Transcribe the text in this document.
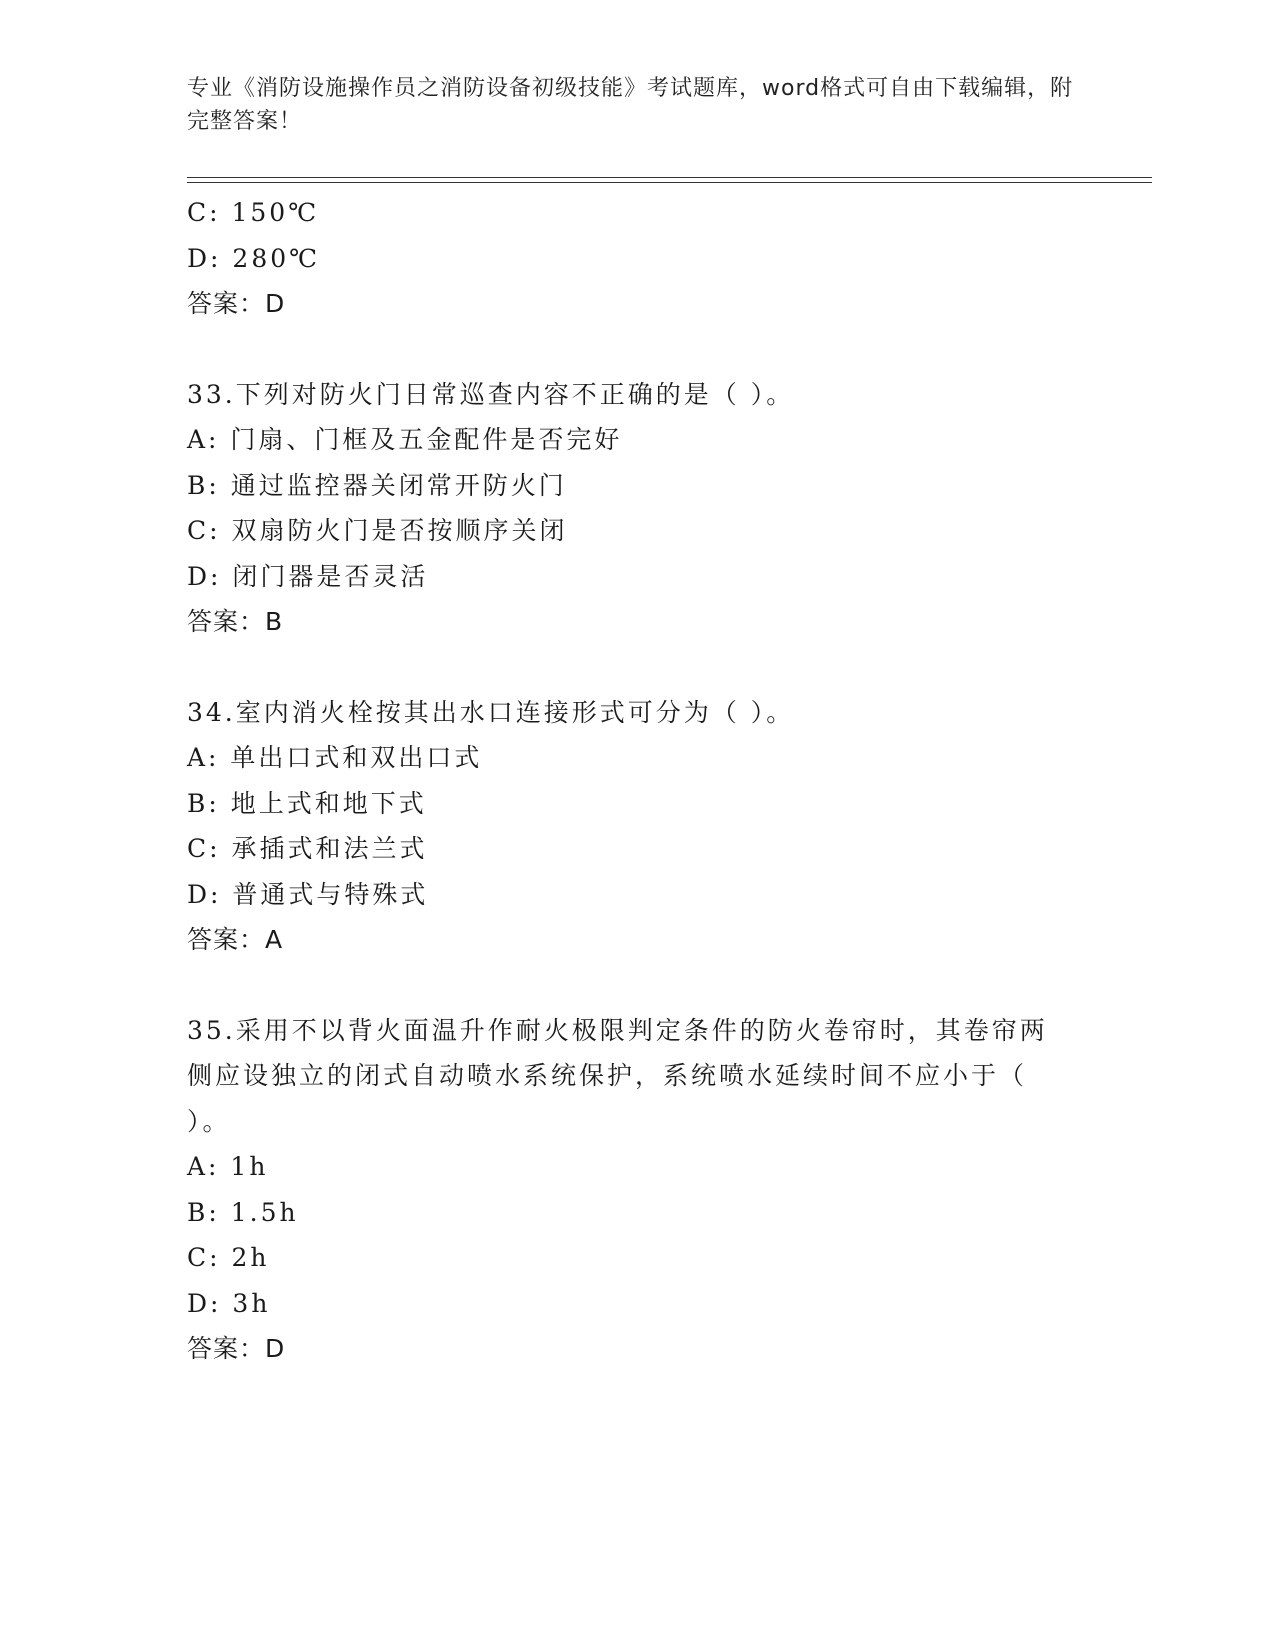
专业《消防设施操作员之消防设备初级技能》考试题库，word格式可自由下载编辑，附完整答案！
C: 150℃
D: 280℃
答案：D
33.下列对防火门日常巡查内容不正确的是（ ）。
A: 门扇、门框及五金配件是否完好
B: 通过监控器关闭常开防火门
C: 双扇防火门是否按顺序关闭
D: 闭门器是否灵活
答案：B
34.室内消火栓按其出水口连接形式可分为（ ）。
A: 单出口式和双出口式
B: 地上式和地下式
C: 承插式和法兰式
D: 普通式与特殊式
答案：A
35.采用不以背火面温升作耐火极限判定条件的防火卷帘时，其卷帘两侧应设独立的闭式自动喷水系统保护，系统喷水延续时间不应小于（ ）。
A: 1h
B: 1.5h
C: 2h
D: 3h
答案：D
